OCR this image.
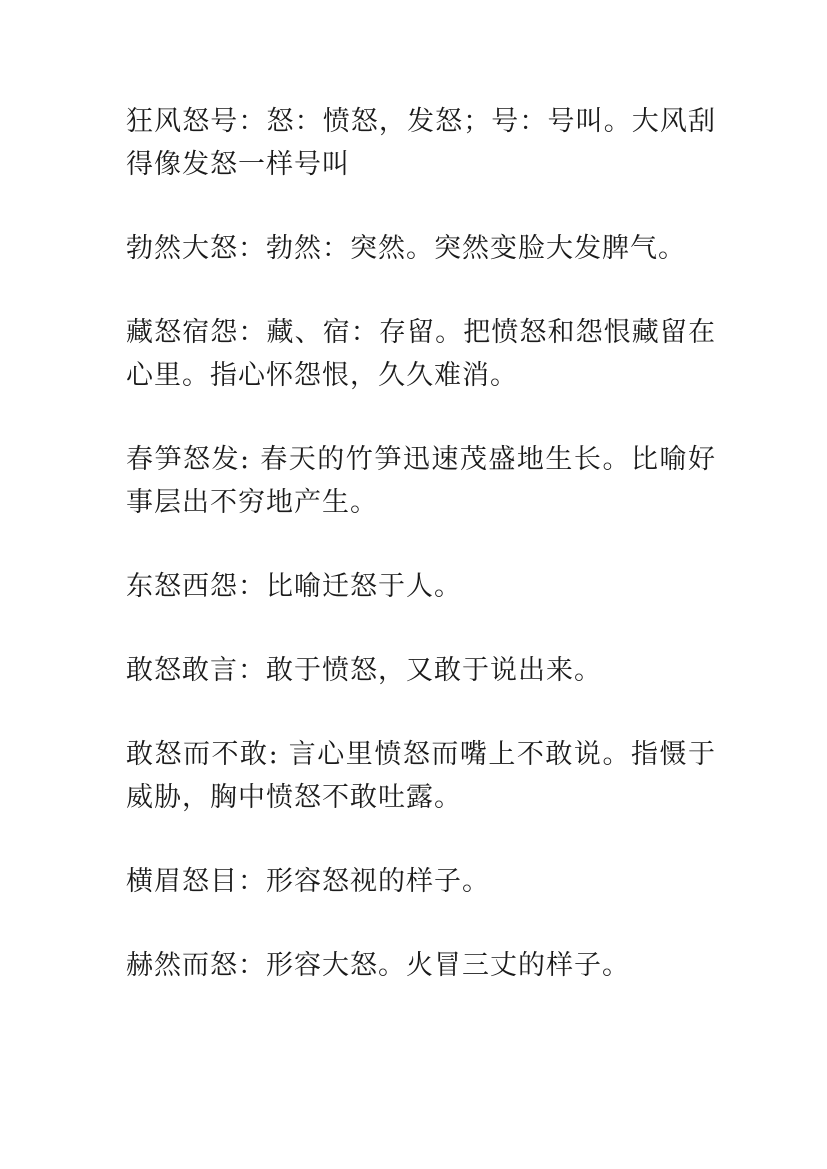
狂风怒号：怒：愤怒，发怒；号：号叫。大风刮得像发怒一样号叫

勃然大怒：勃然：突然。突然变脸大发脾气。

藏怒宿怨：藏、宿：存留。把愤怒和怨恨藏留在心里。指心怀怨恨，久久难消。

春笋怒发: 春天的竹笋迅速茂盛地生长。比喻好事层出不穷地产生。

东怒西怨：比喻迁怒于人。

敢怒敢言：敢于愤怒，又敢于说出来。

敢怒而不敢: 言心里愤怒而嘴上不敢说。指慑于威胁，胸中愤怒不敢吐露。

横眉怒目：形容怒视的样子。

赫然而怒：形容大怒。火冒三丈的样子。
